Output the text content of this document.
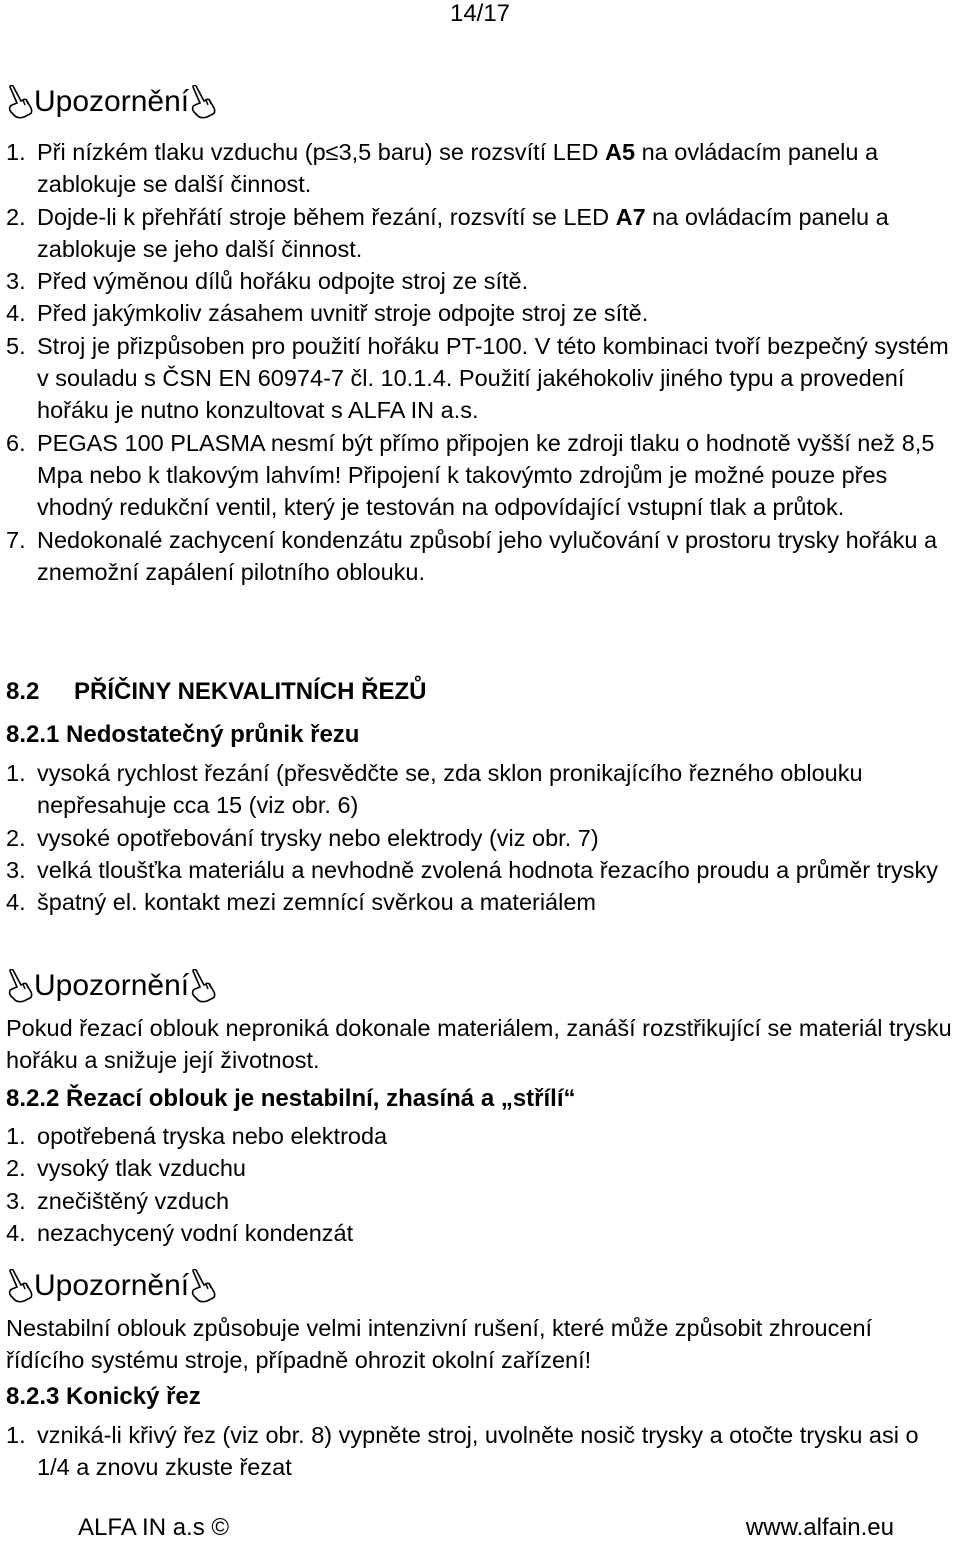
14/17
Upozornění
1. Při nízkém tlaku vzduchu (p≤3,5 baru) se rozsvítí LED A5 na ovládacím panelu a zablokuje se další činnost.
2. Dojde-li k přehřátí stroje během řezání, rozsvítí se LED A7 na ovládacím panelu a zablokuje se jeho další činnost.
3. Před výměnou dílů hořáku odpojte stroj ze sítě.
4. Před jakýmkoliv zásahem uvnitř stroje odpojte stroj ze sítě.
5. Stroj je přizpůsoben pro použití hořáku PT-100. V této kombinaci tvoří bezpečný systém v souladu s ČSN EN 60974-7 čl. 10.1.4. Použití jakéhokoliv jiného typu a provedení hořáku je nutno konzultovat s ALFA IN a.s.
6. PEGAS 100 PLASMA nesmí být přímo připojen ke zdroji tlaku o hodnotě vyšší než 8,5 Mpa nebo k tlakovým lahvím! Připojení k takovýmto zdrojům je možné pouze přes vhodný redukční ventil, který je testován na odpovídající vstupní tlak a průtok.
7. Nedokonalé zachycení kondenzátu způsobí jeho vylučování v prostoru trysky hořáku a znemožní zapálení pilotního oblouku.
8.2 PŘÍČINY NEKVALITNÍCH ŘEZŮ
8.2.1 Nedostatečný průnik řezu
1. vysoká rychlost řezání (přesvědčte se, zda sklon pronikajícího řezného oblouku nepřesahuje cca 15 (viz obr. 6)
2. vysoké opotřebování trysky nebo elektrody (viz obr. 7)
3. velká tloušťka materiálu a nevhodně zvolená hodnota řezacího proudu a průměr trysky
4. špatný el. kontakt mezi zemnící svěrkou a materiálem
Upozornění

Pokud řezací oblouk neproniká dokonale materiálem, zanáší rozstřikující se materiál trysku hořáku a snižuje její životnost.

8.2.2 Řezací oblouk je nestabilní, zhasíná a „střílí“
1. opotřebená tryska nebo elektroda
2. vysoký tlak vzduchu
3. znečištěný vzduch
4. nezachycený vodní kondenzát
Upozornění

Nestabilní oblouk způsobuje velmi intenzivní rušení, které může způsobit zhroucení řídícího systému stroje, případně ohrozit okolní zařízení!

8.2.3 Konický řez
1. vzniká-li křivý řez (viz obr. 8) vypněte stroj, uvolněte nosič trysky a otočte trysku asi o 1/4 a znovu zkuste řezat
ALFA IN a.s ©	www.alfain.eu
